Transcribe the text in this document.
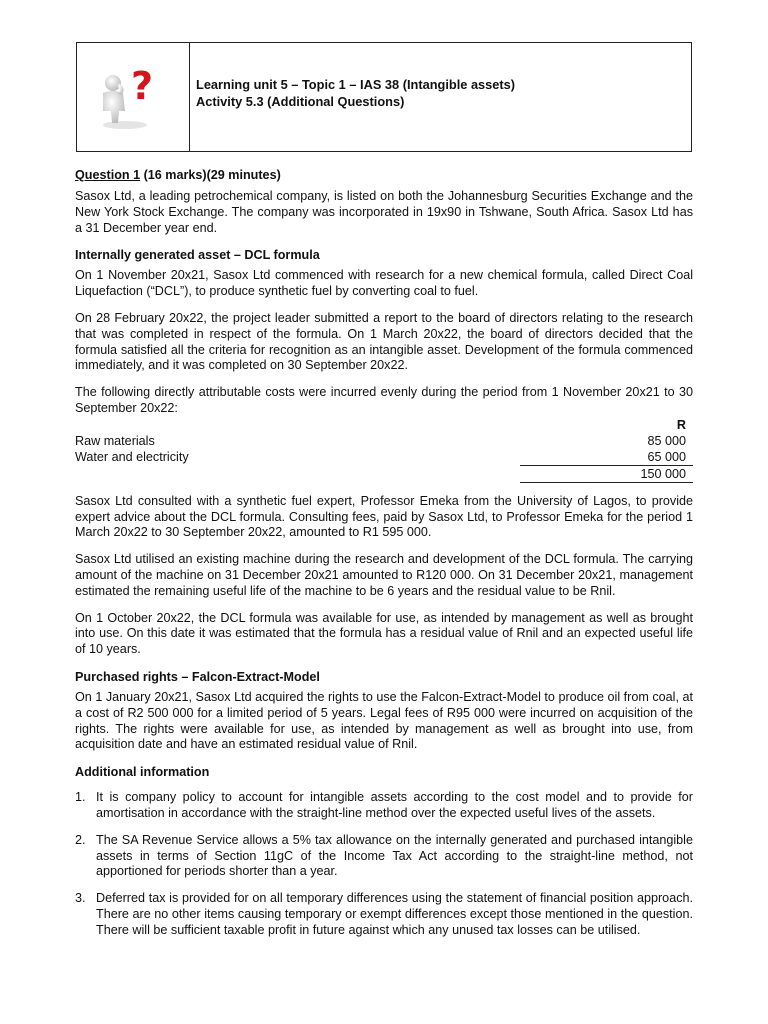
?	Learning unit 5 – Topic 1 – IAS 38 (Intangible assets)
Activity 5.3 (Additional Questions)
Question 1 (16 marks)(29 minutes)

Sasox Ltd, a leading petrochemical company, is listed on both the Johannesburg Securities Exchange and the New York Stock Exchange. The company was incorporated in 19x90 in Tshwane, South Africa. Sasox Ltd has a 31 December year end.

Internally generated asset – DCL formula

On 1 November 20x21, Sasox Ltd commenced with research for a new chemical formula, called Direct Coal Liquefaction (“DCL”), to produce synthetic fuel by converting coal to fuel.

On 28 February 20x22, the project leader submitted a report to the board of directors relating to the research that was completed in respect of the formula. On 1 March 20x22, the board of directors decided that the formula satisfied all the criteria for recognition as an intangible asset. Development of the formula commenced immediately, and it was completed on 30 September 20x22.

The following directly attributable costs were incurred evenly during the period from 1 November 20x21 to 30 September 20x22:

	R
Raw materials	85 000
Water and electricity	65 000
	150 000

Sasox Ltd consulted with a synthetic fuel expert, Professor Emeka from the University of Lagos, to provide expert advice about the DCL formula. Consulting fees, paid by Sasox Ltd, to Professor Emeka for the period 1 March 20x22 to 30 September 20x22, amounted to R1 595 000.

Sasox Ltd utilised an existing machine during the research and development of the DCL formula. The carrying amount of the machine on 31 December 20x21 amounted to R120 000. On 31 December 20x21, management estimated the remaining useful life of the machine to be 6 years and the residual value to be Rnil.

On 1 October 20x22, the DCL formula was available for use, as intended by management as well as brought into use. On this date it was estimated that the formula has a residual value of Rnil and an expected useful life of 10 years.

Purchased rights – Falcon-Extract-Model

On 1 January 20x21, Sasox Ltd acquired the rights to use the Falcon-Extract-Model to produce oil from coal, at a cost of R2 500 000 for a limited period of 5 years. Legal fees of R95 000 were incurred on acquisition of the rights. The rights were available for use, as intended by management as well as brought into use, from acquisition date and have an estimated residual value of Rnil.

Additional information
1. It is company policy to account for intangible assets according to the cost model and to provide for amortisation in accordance with the straight-line method over the expected useful lives of the assets.
2. The SA Revenue Service allows a 5% tax allowance on the internally generated and purchased intangible assets in terms of Section 11gC of the Income Tax Act according to the straight-line method, not apportioned for periods shorter than a year.
3. Deferred tax is provided for on all temporary differences using the statement of financial position approach. There are no other items causing temporary or exempt differences except those mentioned in the question. There will be sufficient taxable profit in future against which any unused tax losses can be utilised.
